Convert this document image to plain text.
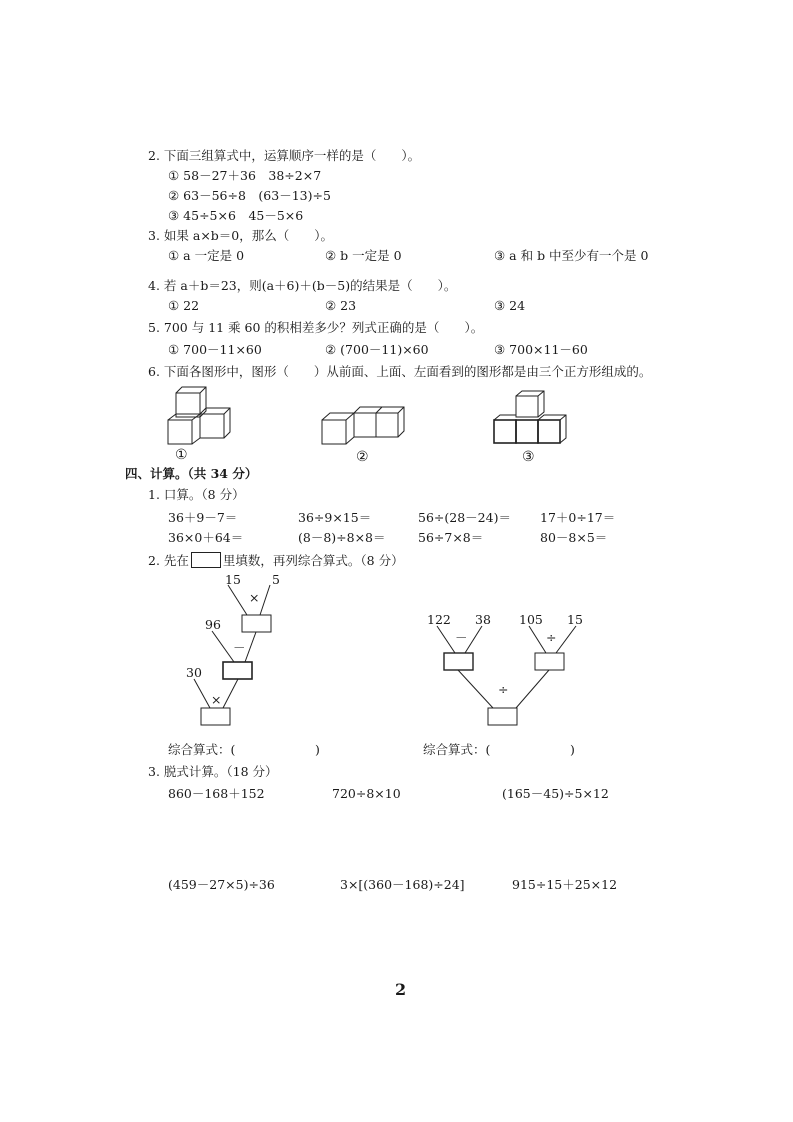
2. 下面三组算式中，运算顺序一样的是（　　）。
① 58－27＋36　38÷2×7
② 63－56÷8　(63－13)÷5
③ 45÷5×6　45－5×6
3. 如果 a×b＝0，那么（　　）。
① a 一定是 0	② b 一定是 0	③ a 和 b 中至少有一个是 0
4. 若 a＋b＝23，则(a＋6)＋(b－5)的结果是（　　）。
① 22	② 23	③ 24
5. 700 与 11 乘 60 的积相差多少？列式正确的是（　　）。
① 700－11×60	② (700－11)×60	③ 700×11－60
6. 下面各图形中，图形（　　）从前面、上面、左面看到的图形都是由三个正方形组成的。
①	②	③
四、计算。（共 34 分）
1. 口算。（8 分）
36＋9－7＝	36÷9×15＝	56÷(28－24)＝ 17＋0÷17＝
36×0＋64＝	(8－8)÷8×8＝	56÷7×8＝	80－8×5＝
2. 先在	里填数，再列综合算式。（8 分）
15 5
96
30
×
－
×
122 38 105 15
－	÷
÷
综合算式：(	)	综合算式：(	)
3. 脱式计算。（18 分）
860－168＋152	720÷8×10	(165－45)÷5×12
(459－27×5)÷36	3×[(360－168)÷24]	915÷15＋25×12
2
